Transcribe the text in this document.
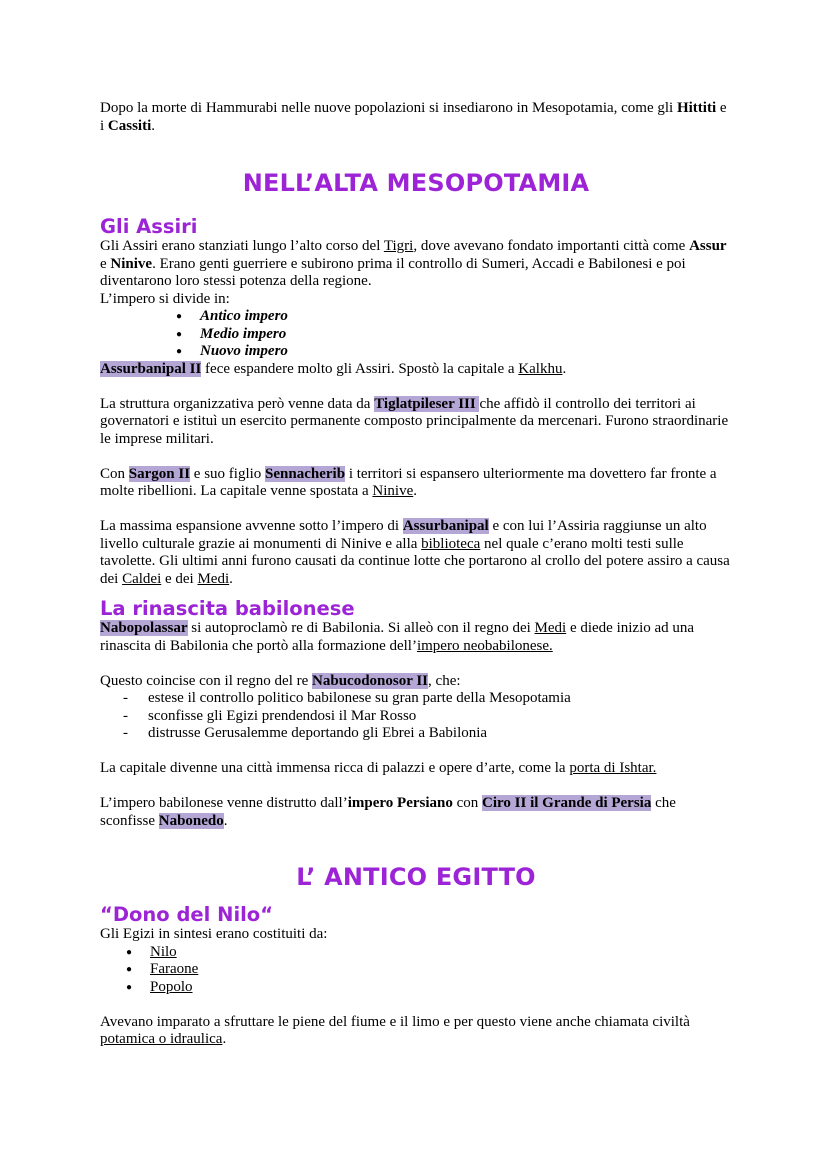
Dopo la morte di Hammurabi nelle nuove popolazioni si insediarono in Mesopotamia, come gli Hittiti e i Cassiti.

NELL’ALTA MESOPOTAMIA
Gli Assiri

Gli Assiri erano stanziati lungo l’alto corso del Tigri, dove avevano fondato importanti città come Assur e Ninive. Erano genti guerriere e subirono prima il controllo di Sumeri, Accadi e Babilonesi e poi diventarono loro stessi potenza della regione.

L’impero si divide in:

● Antico impero
● Medio impero
● Nuovo impero

Assurbanipal II fece espandere molto gli Assiri. Spostò la capitale a Kalkhu.

La struttura organizzativa però venne data da Tiglatpileser III che affidò il controllo dei territori ai governatori e istituì un esercito permanente composto principalmente da mercenari. Furono straordinarie le imprese militari.

Con Sargon II e suo figlio Sennacherib i territori si espansero ulteriormente ma dovettero far fronte a molte ribellioni. La capitale venne spostata a Ninive.

La massima espansione avvenne sotto l’impero di Assurbanipal e con lui l’Assiria raggiunse un alto livello culturale grazie ai monumenti di Ninive e alla biblioteca nel quale c’erano molti testi sulle tavolette. Gli ultimi anni furono causati da continue lotte che portarono al crollo del potere assiro a causa dei Caldei e dei Medi.

La rinascita babilonese

Nabopolassar si autoproclamò re di Babilonia. Si alleò con il regno dei Medi e diede inizio ad una rinascita di Babilonia che portò alla formazione dell’impero neobabilonese.

Questo coincise con il regno del re Nabucodonosor II, che:

- estese il controllo politico babilonese su gran parte della Mesopotamia
- sconfisse gli Egizi prendendosi il Mar Rosso
- distrusse Gerusalemme deportando gli Ebrei a Babilonia

La capitale divenne una città immensa ricca di palazzi e opere d’arte, come la porta di Ishtar.

L’impero babilonese venne distrutto dall’impero Persiano con Ciro II il Grande di Persia che sconfisse Nabonedo.

L’ ANTICO EGITTO
“Dono del Nilo“

Gli Egizi in sintesi erano costituiti da:

● Nilo
● Faraone
● Popolo

Avevano imparato a sfruttare le piene del fiume e il limo e per questo viene anche chiamata civiltà potamica o idraulica.
